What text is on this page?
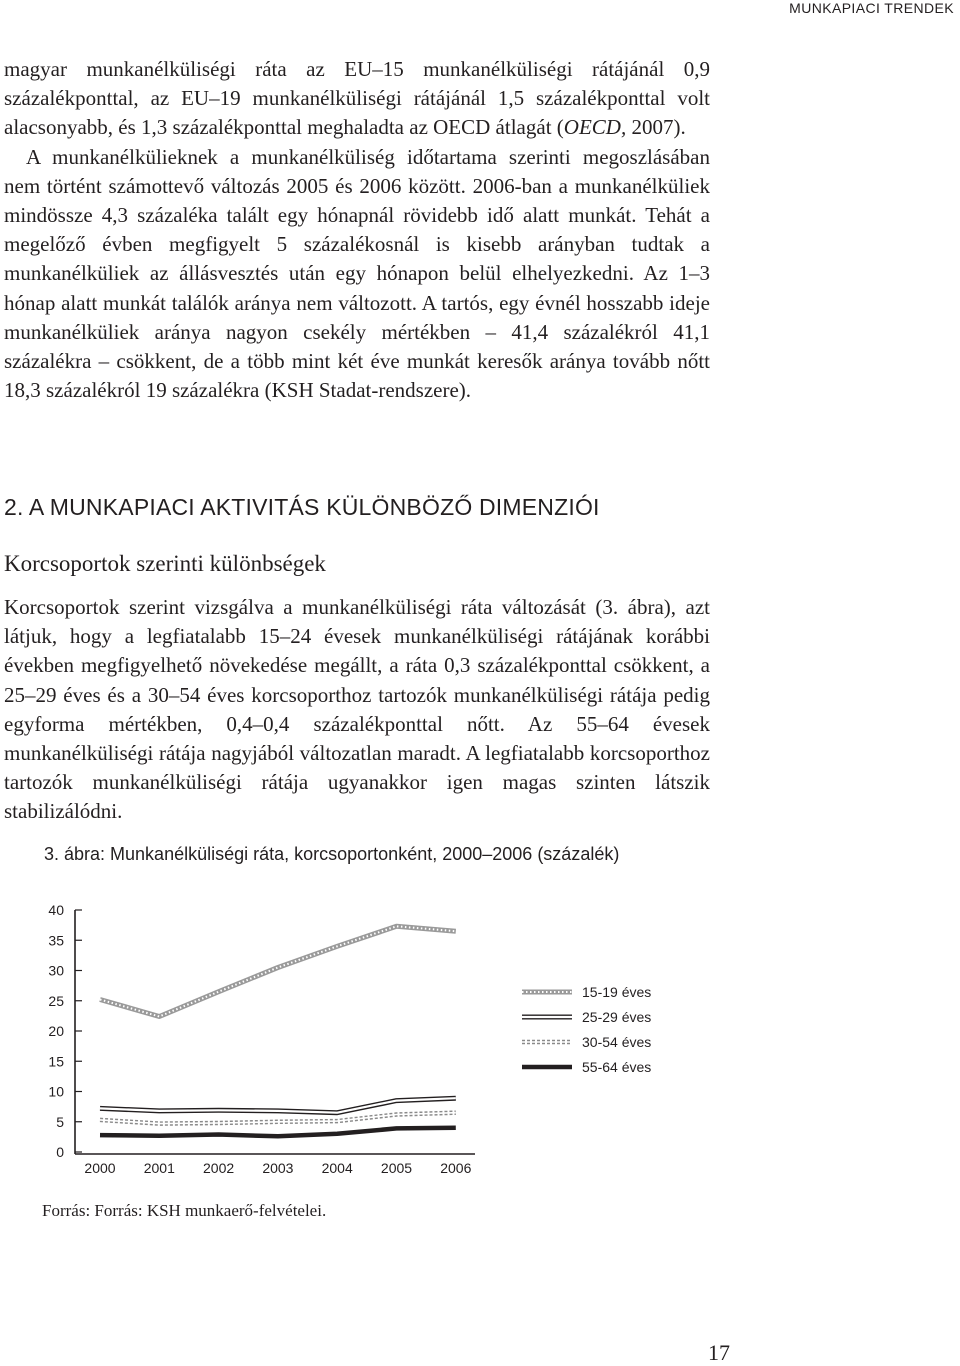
MUNKAPIACI TRENDEK

magyar munkanélküliségi ráta az EU–15 munkanélküliségi rátájánál 0,9 százalékponttal, az EU–19 munkanélküliségi rátájánál 1,5 százalékponttal volt alacsonyabb, és 1,3 százalékponttal meghaladta az OECD átlagát (OECD, 2007).

A munkanélkülieknek a munkanélküliség időtartama szerinti megoszlásában nem történt számottevő változás 2005 és 2006 között. 2006-ban a munkanélküliek mindössze 4,3 százaléka talált egy hónapnál rövidebb idő alatt munkát. Tehát a megelőző évben megfigyelt 5 százalékosnál is kisebb arányban tudtak a munkanélküliek az állásvesztés után egy hónapon belül elhelyezkedni. Az 1–3 hónap alatt munkát találók aránya nem változott. A tartós, egy évnél hosszabb ideje munkanélküliek aránya nagyon csekély mértékben – 41,4 százalékról 41,1 százalékra – csökkent, de a több mint két éve munkát keresők aránya tovább nőtt 18,3 százalékról 19 százalékra (KSH Stadat-rendszere).

2. A MUNKAPIACI AKTIVITÁS KÜLÖNBÖZŐ DIMENZIÓI
Korcsoportok szerinti különbségek

Korcsoportok szerint vizsgálva a munkanélküliségi ráta változását (3. ábra), azt látjuk, hogy a legfiatalabb 15–24 évesek munkanélküliségi rátájának korábbi években megfigyelhető növekedése megállt, a ráta 0,3 százalékponttal csökkent, a 25–29 éves és a 30–54 éves korcsoporthoz tartozók munkanélküliségi rátája pedig egyforma mértékben, 0,4–0,4 százalékponttal nőtt. Az 55–64 évesek munkanélküliségi rátája nagyjából változatlan maradt. A legfiatalabb korcsoporthoz tartozók munkanélküliségi rátája ugyanakkor igen magas szinten látszik stabilizálódni.

3. ábra: Munkanélküliségi ráta, korcsoportonként, 2000–2006 (százalék)
0
5
10
15
20
25
30
35
40
2000 2001 2002 2003 2004 2005 2006
15-19 éves
25-29 éves
30-54 éves
55-64 éves
Forrás: Forrás: KSH munkaerő-felvételei.
17
